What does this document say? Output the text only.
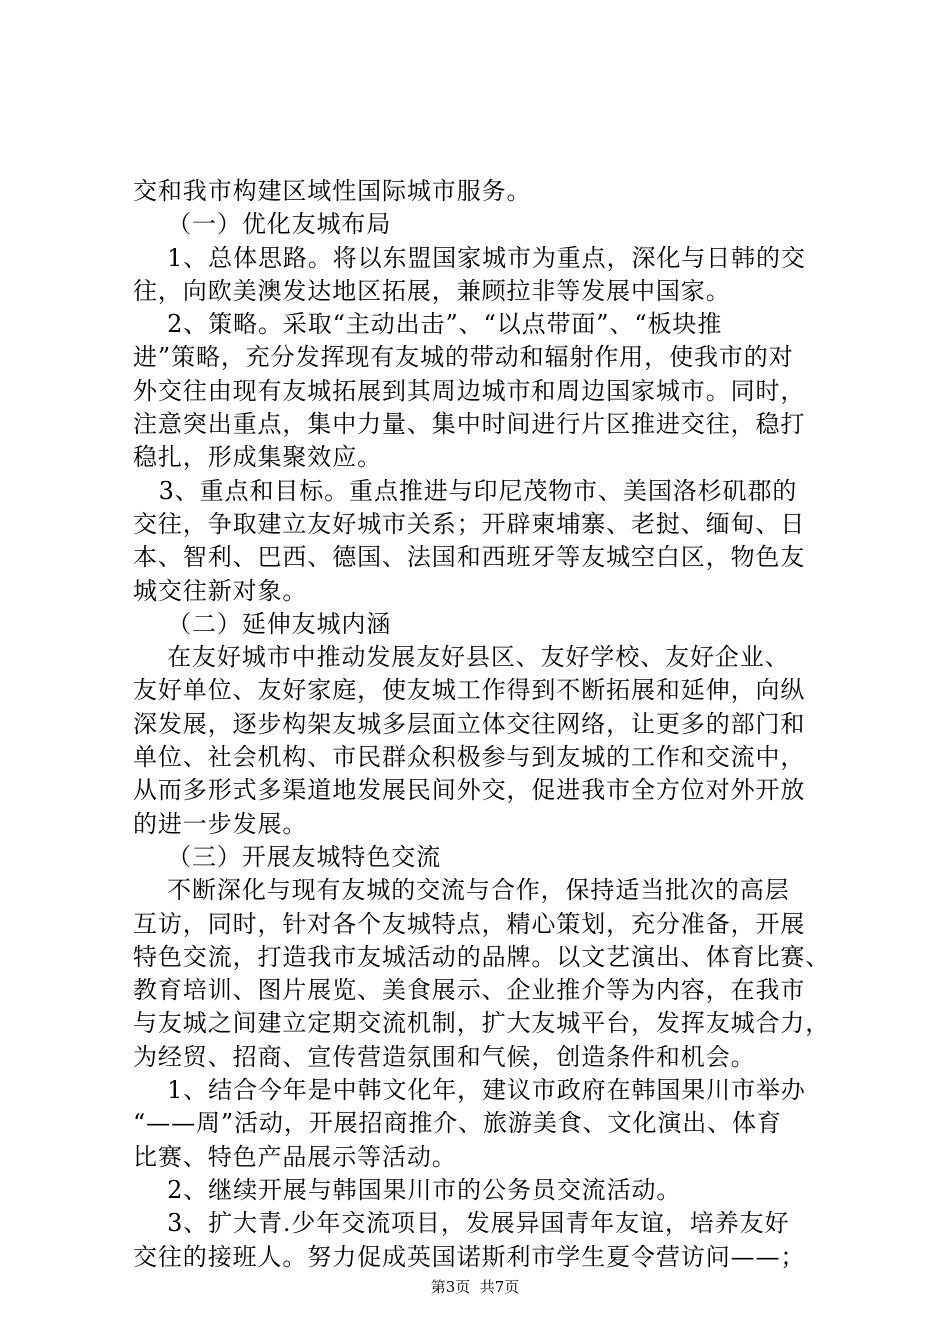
交和我市构建区域性国际城市服务。
（一）优化友城布局
1、总体思路。将以东盟国家城市为重点，深化与日韩的交
往，向欧美澳发达地区拓展，兼顾拉非等发展中国家。
2、策略。采取“主动出击”、“以点带面”、“板块推
进”策略，充分发挥现有友城的带动和辐射作用，使我市的对
外交往由现有友城拓展到其周边城市和周边国家城市。同时，
注意突出重点，集中力量、集中时间进行片区推进交往，稳打
稳扎，形成集聚效应。
3、重点和目标。重点推进与印尼茂物市、美国洛杉矶郡的
交往，争取建立友好城市关系；开辟柬埔寨、老挝、缅甸、日
本、智利、巴西、德国、法国和西班牙等友城空白区，物色友
城交往新对象。
（二）延伸友城内涵
在友好城市中推动发展友好县区、友好学校、友好企业、
友好单位、友好家庭，使友城工作得到不断拓展和延伸，向纵
深发展，逐步构架友城多层面立体交往网络，让更多的部门和
单位、社会机构、市民群众积极参与到友城的工作和交流中，
从而多形式多渠道地发展民间外交，促进我市全方位对外开放
的进一步发展。
（三）开展友城特色交流
不断深化与现有友城的交流与合作，保持适当批次的高层
互访，同时，针对各个友城特点，精心策划，充分准备，开展
特色交流，打造我市友城活动的品牌。以文艺演出、体育比赛、
教育培训、图片展览、美食展示、企业推介等为内容，在我市
与友城之间建立定期交流机制，扩大友城平台，发挥友城合力，
为经贸、招商、宣传营造氛围和气候，创造条件和机会。
1、结合今年是中韩文化年，建议市政府在韩国果川市举办
“——周”活动，开展招商推介、旅游美食、文化演出、体育
比赛、特色产品展示等活动。
2、继续开展与韩国果川市的公务员交流活动。
3、扩大青.少年交流项目，发展异国青年友谊，培养友好
交往的接班人。努力促成英国诺斯利市学生夏令营访问——；
第3页  共7页
